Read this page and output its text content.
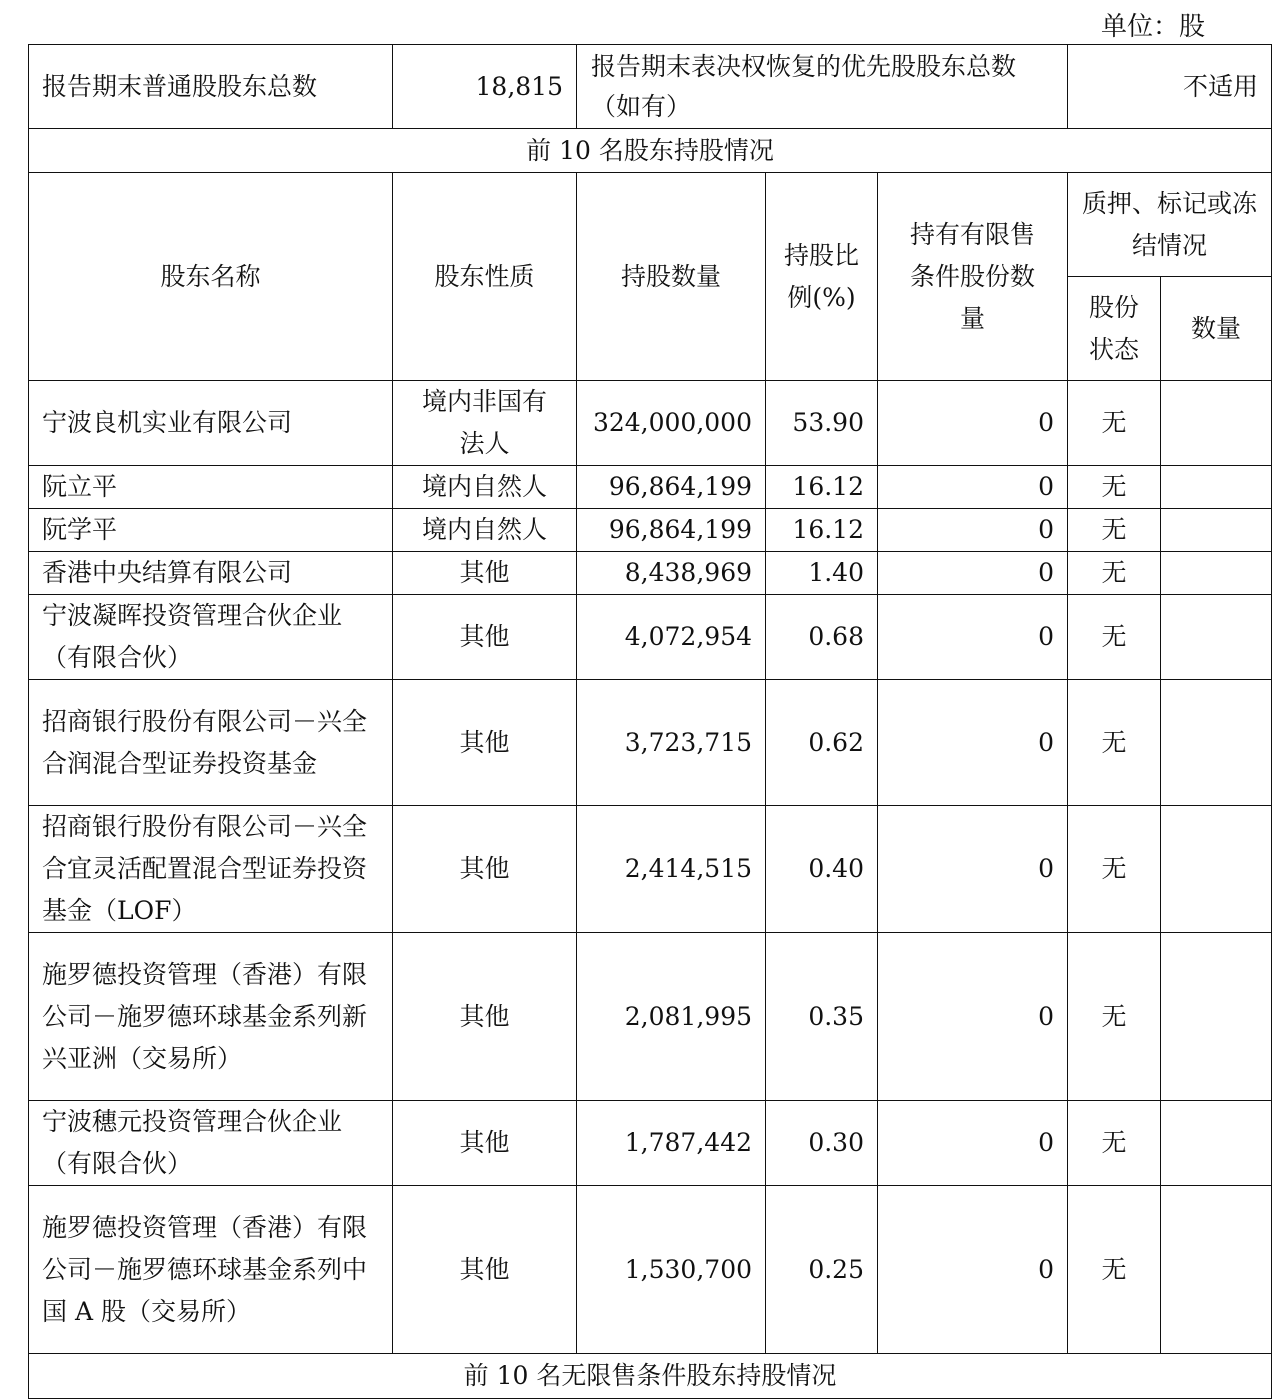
单位：股
报告期末普通股股东总数	18,815	报告期末表决权恢复的优先股股东总数（如有）			不适用	
前 10 名股东持股情况						
股东名称	股东性质	持股数量	持股比例(%)	持有有限售条件股份数量	质押、标记或冻结情况	
					股份状态	数量
宁波良机实业有限公司	境内非国有法人	324,000,000	53.90	0	无	
阮立平	境内自然人	96,864,199	16.12	0	无	
阮学平	境内自然人	96,864,199	16.12	0	无	
香港中央结算有限公司	其他	8,438,969	1.40	0	无	
宁波凝晖投资管理合伙企业（有限合伙）	其他	4,072,954	0.68	0	无	
招商银行股份有限公司－兴全合润混合型证券投资基金	其他	3,723,715	0.62	0	无	
招商银行股份有限公司－兴全合宜灵活配置混合型证券投资基金（LOF）	其他	2,414,515	0.40	0	无	
施罗德投资管理（香港）有限公司－施罗德环球基金系列新兴亚洲（交易所）	其他	2,081,995	0.35	0	无	
宁波穗元投资管理合伙企业（有限合伙）	其他	1,787,442	0.30	0	无	
施罗德投资管理（香港）有限公司－施罗德环球基金系列中国 A 股（交易所）	其他	1,530,700	0.25	0	无	
前 10 名无限售条件股东持股情况						
